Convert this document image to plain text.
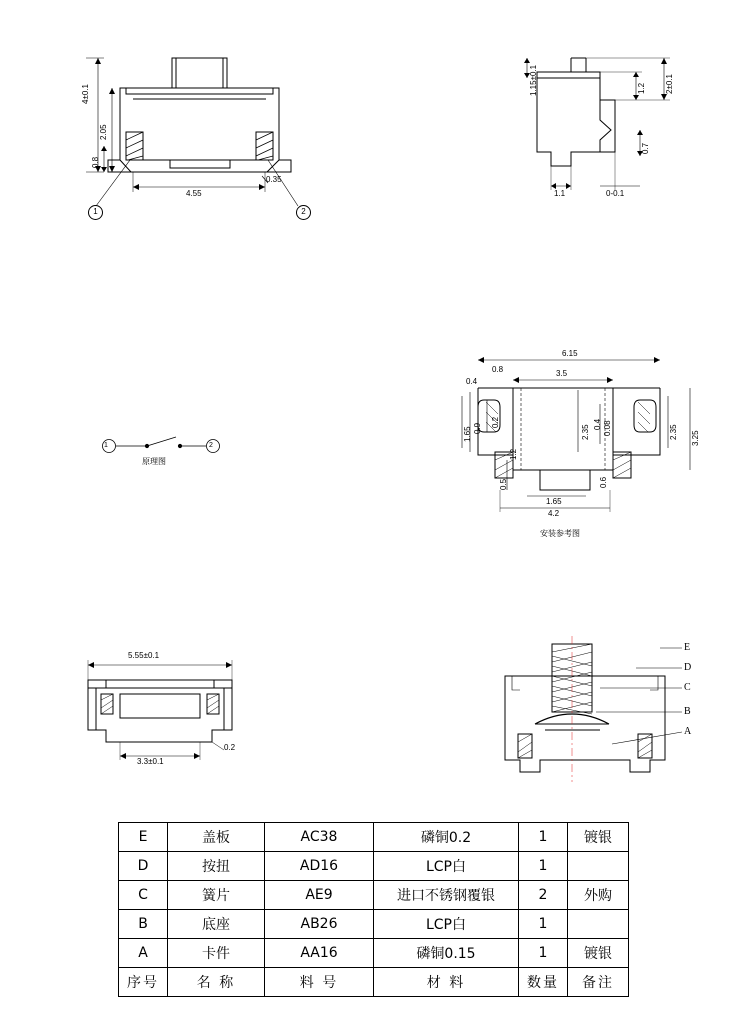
4±0.1
2.05
0.8
4.55
0.35
1	2
1.15±0.1	2±0.1
1.2
0.7
1.1	0-0.1
1	2
原理图
6.15
3.5
0.8
0.4
0.2
1.65 0.9	2.35	2.35 3.25
0.08
0.4
1.2
0.5	0.6
1.65
4.2
安装参考图
5.55±0.1
3.3±0.1
0.2
E
D
C
B
A
E	盖板	AC38	磷铜0.2	1	镀银
D	按扭	AD16	LCP白	1	
C	簧片	AE9	进口不锈钢覆银	2	外购
B	底座	AB26	LCP白	1	
A	卡件	AA16	磷铜0.15	1	镀银
序号	名 称	料 号	材 料	数量	备注
